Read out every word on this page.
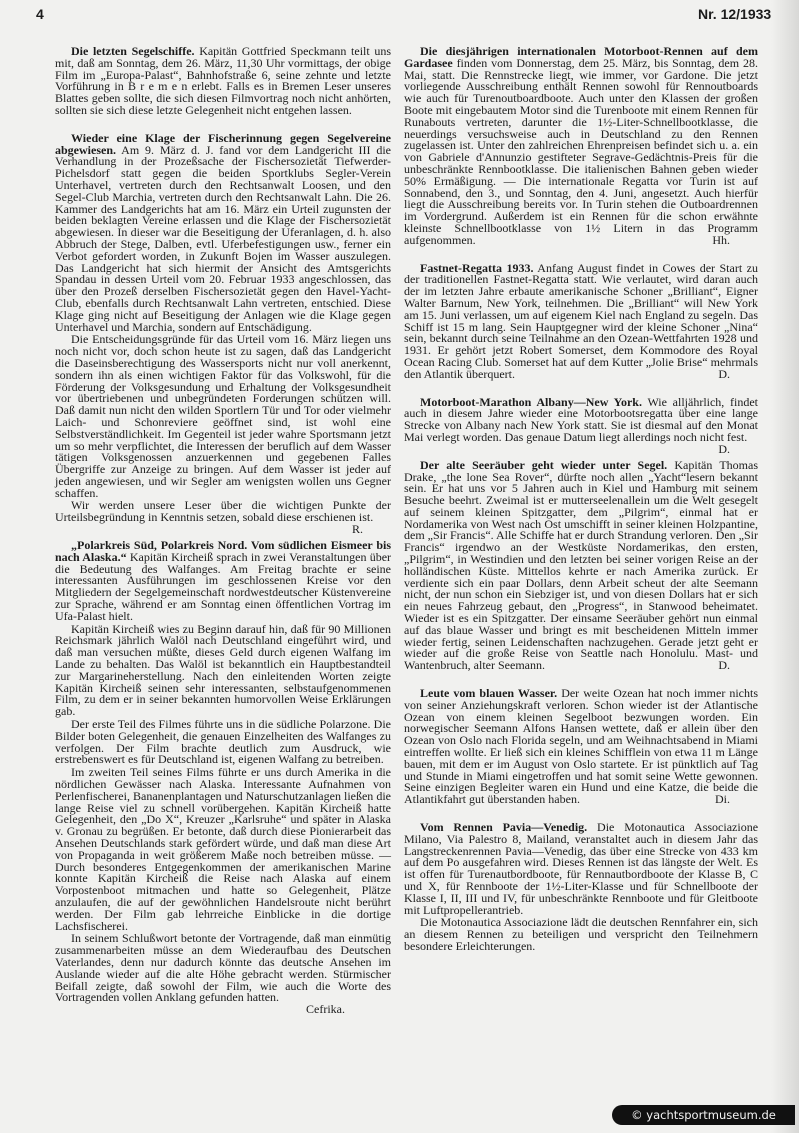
4	Nr. 12/1933

Die letzten Segelschiffe. Kapitän Gottfried Speckmann teilt uns mit, daß am Sonntag, dem 26. März, 11,30 Uhr vormittags, der obige Film im „Europa-Palast“, Bahnhofstraße 6, seine zehnte und letzte Vorführung in B r e m e n erlebt. Falls es in Bremen Leser unseres Blattes geben sollte, die sich diesen Filmvortrag noch nicht anhörten, sollten sie sich diese letzte Gelegenheit nicht entgehen lassen.

Wieder eine Klage der Fischerinnung gegen Segelvereine abgewiesen. Am 9. März d. J. fand vor dem Landgericht III die Verhandlung in der Prozeßsache der Fischersozietät Tiefwerder-Pichelsdorf statt gegen die beiden Sportklubs Segler-Verein Unterhavel, vertreten durch den Rechtsanwalt Loosen, und den Segel-Club Marchia, vertreten durch den Rechtsanwalt Lahn. Die 26. Kammer des Landgerichts hat am 16. März ein Urteil zugunsten der beiden beklagten Vereine erlassen und die Klage der Fischersozietät abgewiesen. In dieser war die Beseitigung der Uferanlagen, d. h. also Abbruch der Stege, Dalben, evtl. Uferbefestigungen usw., ferner ein Verbot gefordert worden, in Zukunft Bojen im Wasser auszulegen. Das Landgericht hat sich hiermit der Ansicht des Amtsgerichts Spandau in dessen Urteil vom 20. Februar 1933 angeschlossen, das über den Prozeß derselben Fischersozietät gegen den Havel-Yacht-Club, ebenfalls durch Rechtsanwalt Lahn vertreten, entschied. Diese Klage ging nicht auf Beseitigung der Anlagen wie die Klage gegen Unterhavel und Marchia, sondern auf Entschädigung.

Die Entscheidungsgründe für das Urteil vom 16. März liegen uns noch nicht vor, doch schon heute ist zu sagen, daß das Landgericht die Daseinsberechtigung des Wassersports nicht nur voll anerkennt, sondern ihn als einen wichtigen Faktor für das Volkswohl, für die Förderung der Volksgesundung und Erhaltung der Volksgesundheit vor übertriebenen und unbegründeten Forderungen schützen will. Daß damit nun nicht den wilden Sportlern Tür und Tor oder vielmehr Laich- und Schonreviere geöffnet sind, ist wohl eine Selbstverständlichkeit. Im Gegenteil ist jeder wahre Sportsmann jetzt um so mehr verpflichtet, die Interessen der beruflich auf dem Wasser tätigen Volksgenossen anzuerkennen und gegebenen Falles Übergriffe zur Anzeige zu bringen. Auf dem Wasser ist jeder auf jeden angewiesen, und wir Segler am wenigsten wollen uns Gegner schaffen.

Wir werden unsere Leser über die wichtigen Punkte der Urteilsbegründung in Kenntnis setzen, sobald diese erschienen ist.
R.

„Polarkreis Süd, Polarkreis Nord. Vom südlichen Eismeer bis nach Alaska.“ Kapitän Kircheiß sprach in zwei Veranstaltungen über die Bedeutung des Walfanges. Am Freitag brachte er seine interessanten Ausführungen im geschlossenen Kreise vor den Mitgliedern der Segelgemeinschaft nordwestdeutscher Küstenvereine zur Sprache, während er am Sonntag einen öffentlichen Vortrag im Ufa-Palast hielt.

Kapitän Kircheiß wies zu Beginn darauf hin, daß für 90 Millionen Reichsmark jährlich Walöl nach Deutschland eingeführt wird, und daß man versuchen müßte, dieses Geld durch eigenen Walfang im Lande zu behalten. Das Walöl ist bekanntlich ein Hauptbestandteil zur Margarineherstellung. Nach den einleitenden Worten zeigte Kapitän Kircheiß seinen sehr interessanten, selbstaufgenommenen Film, zu dem er in seiner bekannten humorvollen Weise Erklärungen gab.

Der erste Teil des Filmes führte uns in die südliche Polarzone. Die Bilder boten Gelegenheit, die genauen Einzelheiten des Walfanges zu verfolgen. Der Film brachte deutlich zum Ausdruck, wie erstrebenswert es für Deutschland ist, eigenen Walfang zu betreiben.

Im zweiten Teil seines Films führte er uns durch Amerika in die nördlichen Gewässer nach Alaska. Interessante Aufnahmen von Perlenfischerei, Bananenplantagen und Naturschutzanlagen ließen die lange Reise viel zu schnell vorübergehen. Kapitän Kircheiß hatte Gelegenheit, den „Do X“, Kreuzer „Karlsruhe“ und später in Alaska v. Gronau zu begrüßen. Er betonte, daß durch diese Pionierarbeit das Ansehen Deutschlands stark gefördert würde, und daß man diese Art von Propaganda in weit größerem Maße noch betreiben müsse. — Durch besonderes Entgegenkommen der amerikanischen Marine konnte Kapitän Kircheiß die Reise nach Alaska auf einem Vorpostenboot mitmachen und hatte so Gelegenheit, Plätze anzulaufen, die auf der gewöhnlichen Handelsroute nicht berührt werden. Der Film gab lehrreiche Einblicke in die dortige Lachsfischerei.

In seinem Schlußwort betonte der Vortragende, daß man einmütig zusammenarbeiten müsse an dem Wiederaufbau des Deutschen Vaterlandes, denn nur dadurch könnte das deutsche Ansehen im Auslande wieder auf die alte Höhe gebracht werden. Stürmischer Beifall zeigte, daß sowohl der Film, wie auch die Worte des Vortragenden vollen Anklang gefunden hatten.

Cefrika.

Die diesjährigen internationalen Motorboot-Rennen auf dem Gardasee finden vom Donnerstag, dem 25. März, bis Sonntag, dem 28. Mai, statt. Die Rennstrecke liegt, wie immer, vor Gardone. Die jetzt vorliegende Ausschreibung enthält Rennen sowohl für Rennoutboards wie auch für Turenoutboardboote. Auch unter den Klassen der großen Boote mit eingebautem Motor sind die Turenboote mit einem Rennen für Runabouts vertreten, darunter die 1½-Liter-Schnellbootklasse, die neuerdings versuchsweise auch in Deutschland zu den Rennen zugelassen ist. Unter den zahlreichen Ehrenpreisen befindet sich u. a. ein von Gabriele d'Annunzio gestifteter Segrave-Gedächtnis-Preis für die unbeschränkte Rennbootklasse. Die italienischen Bahnen geben wieder 50% Ermäßigung. — Die internationale Regatta vor Turin ist auf Sonnabend, den 3., und Sonntag, den 4. Juni, angesetzt. Auch hierfür liegt die Ausschreibung bereits vor. In Turin stehen die Outboardrennen im Vordergrund. Außerdem ist ein Rennen für die schon erwähnte kleinste Schnellbootklasse von 1½ Litern in das Programm aufgenommen.	Hh.

Fastnet-Regatta 1933. Anfang August findet in Cowes der Start zu der traditionellen Fastnet-Regatta statt. Wie verlautet, wird daran auch der im letzten Jahre erbaute amerikanische Schoner „Brilliant“, Eigner Walter Barnum, New York, teilnehmen. Die „Brilliant“ will New York am 15. Juni verlassen, um auf eigenem Kiel nach England zu segeln. Das Schiff ist 15 m lang. Sein Hauptgegner wird der kleine Schoner „Nina“ sein, bekannt durch seine Teilnahme an den Ozean-Wettfahrten 1928 und 1931. Er gehört jetzt Robert Somerset, dem Kommodore des Royal Ocean Racing Club. Somerset hat auf dem Kutter „Jolie Brise“ mehrmals den Atlantik überquert.	D.

Motorboot-Marathon Albany—New York. Wie alljährlich, findet auch in diesem Jahre wieder eine Motorbootsregatta über eine lange Strecke von Albany nach New York statt. Sie ist diesmal auf den Monat Mai verlegt worden. Das genaue Datum liegt allerdings noch nicht fest.
D.

Der alte Seeräuber geht wieder unter Segel. Kapitän Thomas Drake, „the lone Sea Rover“, dürfte noch allen „Yacht“lesern bekannt sein. Er hat uns vor 5 Jahren auch in Kiel und Hamburg mit seinem Besuche beehrt. Zweimal ist er mutterseelenallein um die Welt gesegelt auf seinem kleinen Spitzgatter, dem „Pilgrim“, einmal hat er Nordamerika von West nach Ost umschifft in seiner kleinen Holzpantine, dem „Sir Francis“. Alle Schiffe hat er durch Strandung verloren. Den „Sir Francis“ irgendwo an der Westküste Nordamerikas, den ersten, „Pilgrim“, in Westindien und den letzten bei seiner vorigen Reise an der holländischen Küste. Mittellos kehrte er nach Amerika zurück. Er verdiente sich ein paar Dollars, denn Arbeit scheut der alte Seemann nicht, der nun schon ein Siebziger ist, und von diesen Dollars hat er sich ein neues Fahrzeug gebaut, den „Progress“, in Stanwood beheimatet. Wieder ist es ein Spitzgatter. Der einsame Seeräuber gehört nun einmal auf das blaue Wasser und bringt es mit bescheidenen Mitteln immer wieder fertig, seinen Leidenschaften nachzugehen. Gerade jetzt geht er wieder auf die große Reise von Seattle nach Honolulu. Mast- und Wantenbruch, alter Seemann.	D.

Leute vom blauen Wasser. Der weite Ozean hat noch immer nichts von seiner Anziehungskraft verloren. Schon wieder ist der Atlantische Ozean von einem kleinen Segelboot bezwungen worden. Ein norwegischer Seemann Alfons Hansen wettete, daß er allein über den Ozean von Oslo nach Florida segeln, und am Weihnachtsabend in Miami eintreffen wollte. Er ließ sich ein kleines Schifflein von etwa 11 m Länge bauen, mit dem er im August von Oslo startete. Er ist pünktlich auf Tag und Stunde in Miami eingetroffen und hat somit seine Wette gewonnen. Seine einzigen Begleiter waren ein Hund und eine Katze, die beide die Atlantikfahrt gut überstanden haben.	Di.

Vom Rennen Pavia—Venedig. Die Motonautica Associazione Milano, Via Palestro 8, Mailand, veranstaltet auch in diesem Jahr das Langstreckenrennen Pavia—Venedig, das über eine Strecke von 433 km auf dem Po ausgefahren wird. Dieses Rennen ist das längste der Welt. Es ist offen für Turenautbordboote, für Rennautbordboote der Klasse B, C und X, für Rennboote der 1½-Liter-Klasse und für Schnellboote der Klasse I, II, III und IV, für unbeschränkte Rennboote und für Gleitboote mit Luftpropellerantrieb.

Die Motonautica Associazione lädt die deutschen Rennfahrer ein, sich an diesem Rennen zu beteiligen und verspricht den Teilnehmern besondere Erleichterungen.

© yachtsportmuseum.de
